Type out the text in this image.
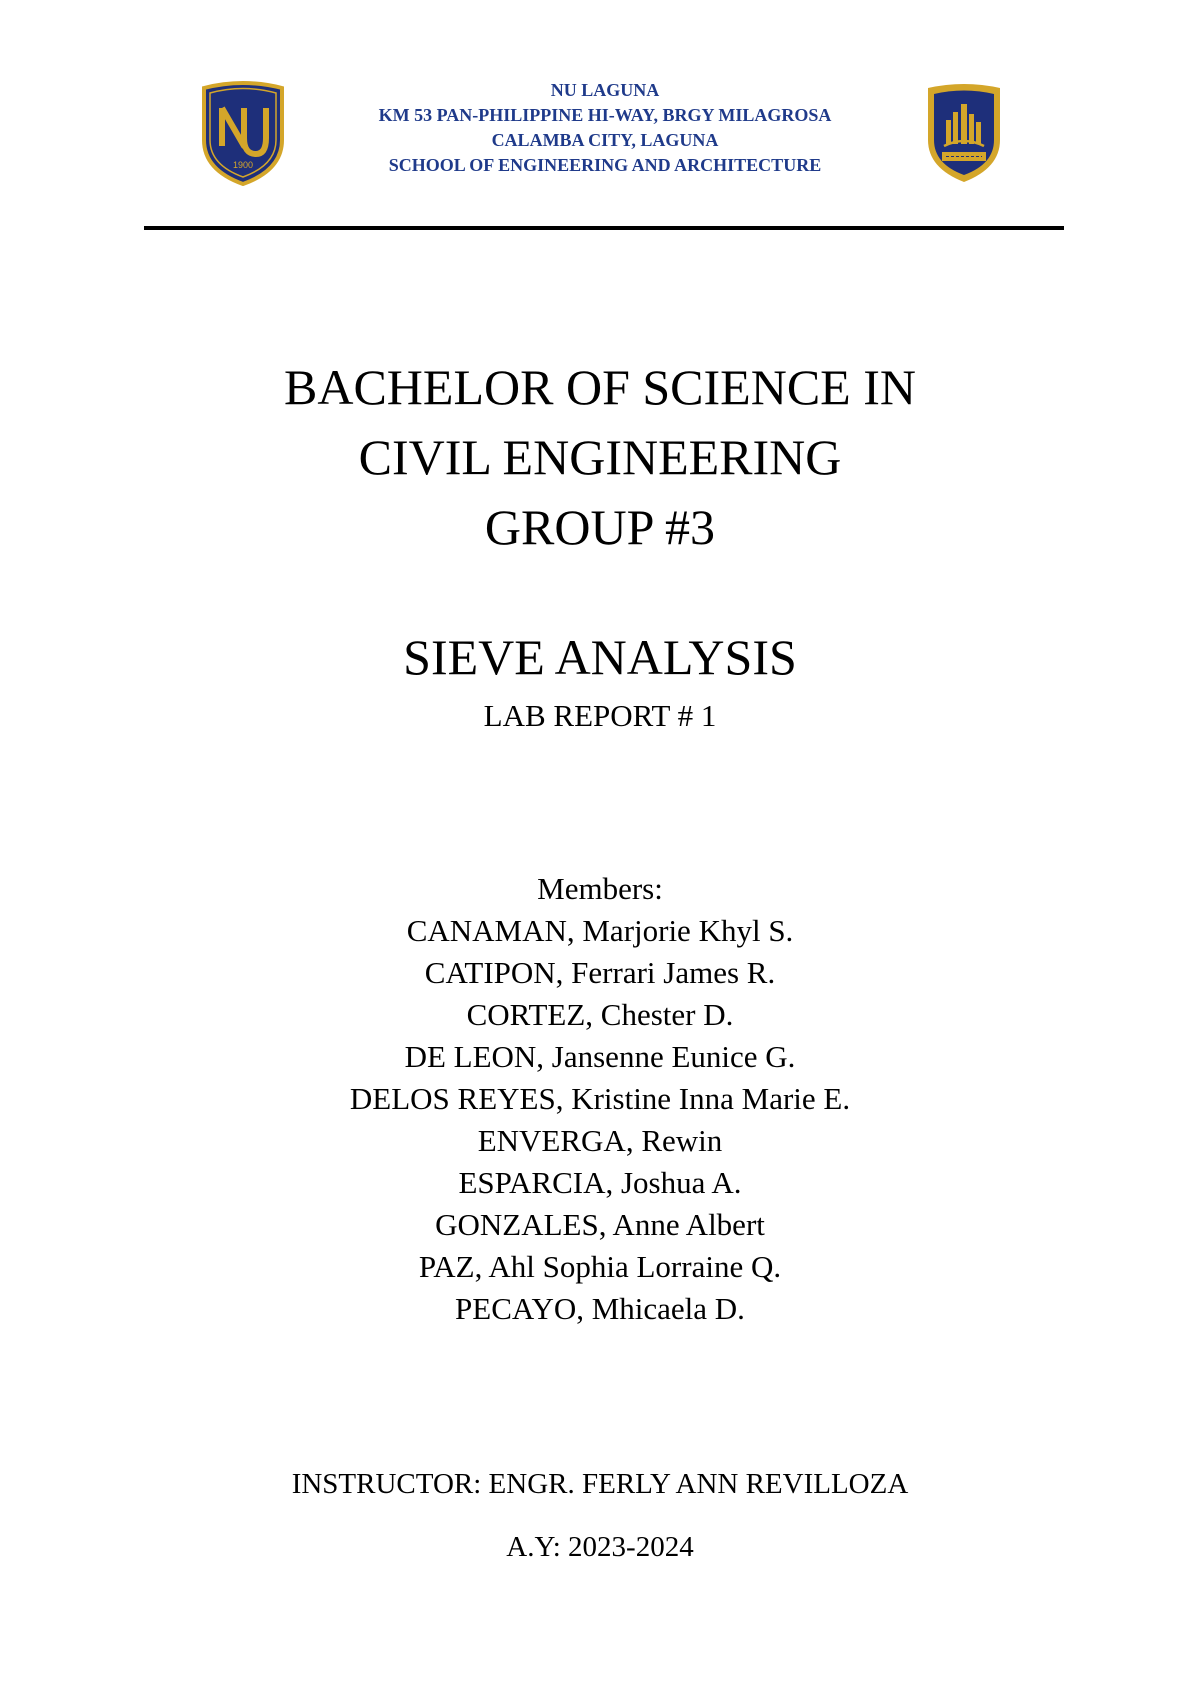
1900
NU LAGUNA
KM 53 PAN-PHILIPPINE HI-WAY, BRGY MILAGROSA
CALAMBA CITY, LAGUNA
SCHOOL OF ENGINEERING AND ARCHITECTURE
BACHELOR OF SCIENCE IN
CIVIL ENGINEERING
GROUP #3
SIEVE ANALYSIS
LAB REPORT # 1
Members:
CANAMAN, Marjorie Khyl S.
CATIPON, Ferrari James R.
CORTEZ, Chester D.
DE LEON, Jansenne Eunice G.
DELOS REYES, Kristine Inna Marie E.
ENVERGA, Rewin
ESPARCIA, Joshua A.
GONZALES, Anne Albert
PAZ, Ahl Sophia Lorraine Q.
PECAYO, Mhicaela D.
INSTRUCTOR: ENGR. FERLY ANN REVILLOZA
A.Y: 2023-2024
